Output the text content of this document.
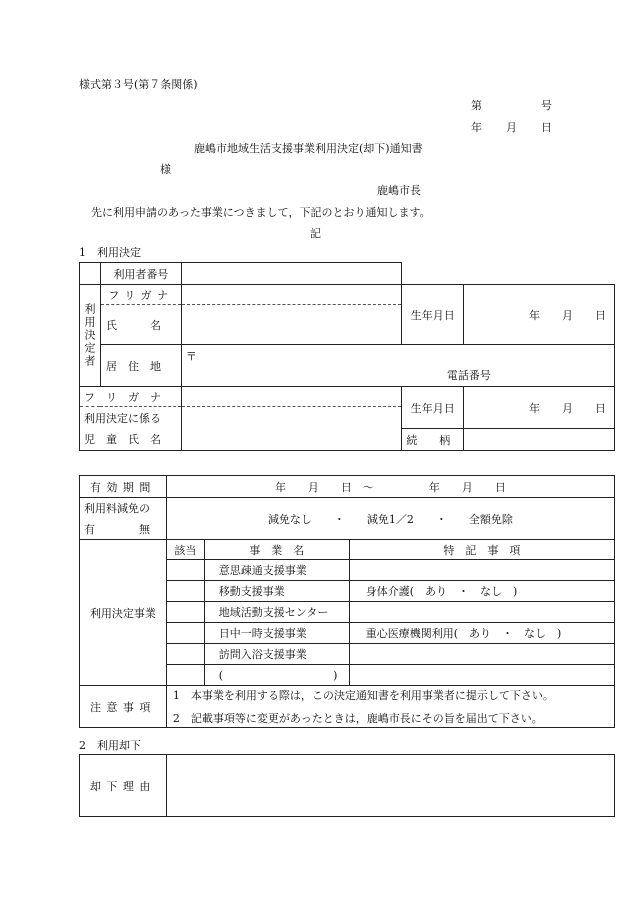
様式第３号(第７条関係)
第	号
年 月 日
鹿嶋市地域生活支援事業利用決定(却下)通知書
様
鹿嶋市長
先に利用申請のあった事業につきまして，下記のとおり通知します。
記
1　利用決定

	利用者番号			

利用決定者	フリガナ		生年月日	年　　月　　日

	氏　　　名			

	居　住　地	〒
電話番号		

フ　リ　ガ　ナ			生年月日	年　　月　　日

利用決定に係る				

児　童　氏　名			続　　柄	

有効期間	年　　月　　日　～　　　　　年　　月　　日		

利用料減免の
有　　　　無	減免なし　　・　　減免1／2　　・　　全額免除		

利用決定事業	該当	事　業　名	特　記　事　項

		意思疎通支援事業	

		移動支援事業	身体介護(　あり　・　なし　)

		地域活動支援センター	

		日中一時支援事業	重心医療機関利用(　あり　・　なし　)

		訪問入浴支援事業	

		(　　　　　　　　　　)	

注意事項	1　本事業を利用する際は，この決定通知書を利用事業者に提示して下さい。
2　記載事項等に変更があったときは，鹿嶋市長にその旨を届出て下さい。		
2　利用却下
却下理由
